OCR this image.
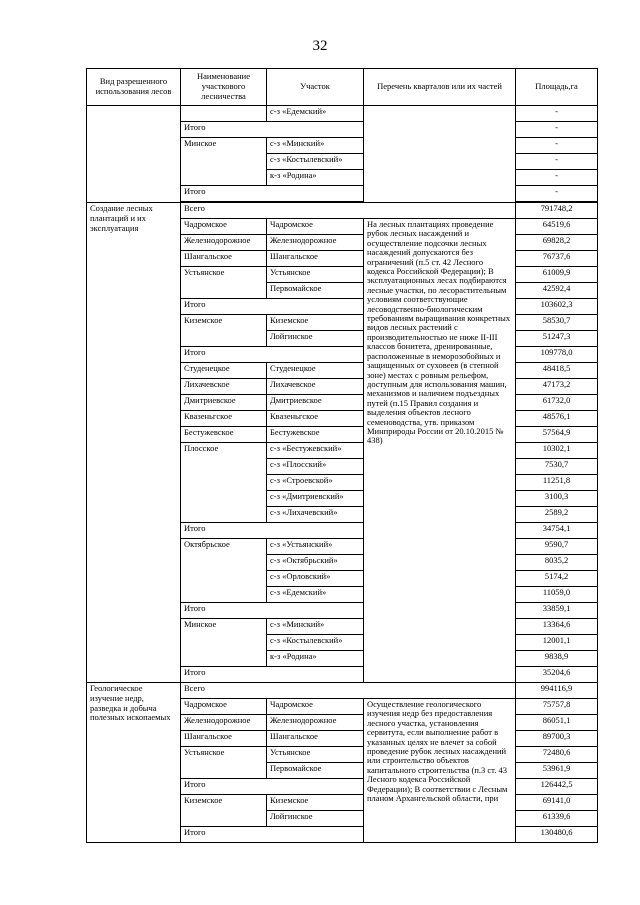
32
Вид разрешенного использования лесов	Наименование участкового лесничества	Участок	Перечень кварталов или их частей	Площадь,га
		с-з «Едемский»		-
	Итого			-
	Минское	с-з «Минский»		-
		с-з «Костылевский»		-
		к-з «Родина»		-
	Итого			-

Создание лесных плантаций и их эксплуатация	Всего			791748,2
	Чадромское	Чадромское	На лесных плантациях проведение рубок лесных насаждений и осуществление подсочки лесных насаждений допускаются без ограничений (п.5 ст. 42 Лесного кодекса Российской Федерации); В эксплуатационных лесах подбираются лесные участки, по лесорастительным условиям соответствующие лесоводственно-биологическим требованиям выращивания конкретных видов лесных растений с производительностью не ниже II-III классов бонитета, дренированные, расположенные в неморозобойных и защищенных от суховеев (в степной зоне) местах с ровным рельефом, доступным для использования машин, механизмов и наличием подъездных путей (п.15 Правил создания и выделения объектов лесного семеноводства, утв. приказом Минприроды России от 20.10.2015 № 438)	64519,6
	Железнодорожное	Железнодорожное		69828,2
	Шангальское	Шангальское		76737,6
	Устьянское	Устьянское		61009,9
		Первомайское		42592,4
	Итого			103602,3
	Киземское	Киземское		58530,7
		Лойгинское		51247,3
	Итого			109778,0
	Студенецкое	Студенецкое		48418,5
	Лихачевское	Лихачевское		47173,2
	Дмитриевское	Дмитриевское		61732,0
	Квазеньгское	Квазеньгское		48576,1
	Бестужевское	Бестужевское		57564,9
	Плосское	с-з «Бестужевский»		10302,1
		с-з «Плосский»		7530,7
		с-з «Строевской»		11251,8
		с-з «Дмитриевский»		3100,3
		с-з «Лихачевский»		2589,2
	Итого			34754,1
	Октябрьское	с-з «Устьянский»		9590,7
		с-з «Октябрьский»		8035,2
		с-з «Орловский»		5174,2
		с-з «Едемский»		11059,0
	Итого			33859,1
	Минское	с-з «Минский»		13364,6
		с-з «Костылевский»		12001,1
		к-з «Родина»		9838,9
	Итого			35204,6
Геологическое изучение недр, разведка и добыча полезных ископаемых	Всего			994116,9
	Чадромское	Чадромское	Осуществление геологического изучения недр без предоставления лесного участка, установления сервитута, если выполнение работ в указанных целях не влечет за собой проведение рубок лесных насаждений или строительство объектов капитального строительства (п.3 ст. 43 Лесного кодекса Российской Федерации); В соответствии с Лесным планом Архангельской области, при	75757,8
	Железнодорожное	Железнодорожное		86051,1
	Шангальское	Шангальское		89700,3
	Устьянское	Устьянское		72480,6
		Первомайское		53961,9
	Итого			126442,5
	Киземское	Киземское		69141,0
		Лойгинское		61339,6
	Итого			130480,6
